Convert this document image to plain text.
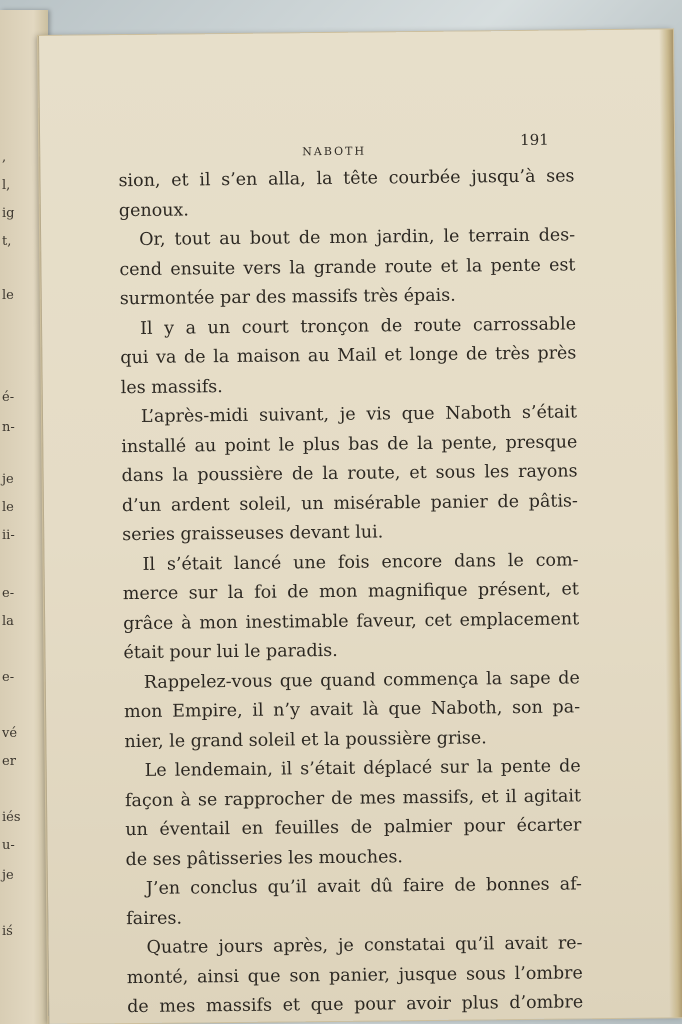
,
l,
ig
t,
le
é-
n-
je
le
ii-
e-
la
e-
vé
er
iés
u-
je
iś
NABOTH
191
sion, et il s’en alla, la tête courbée jusqu’à ses
genoux.
Or, tout au bout de mon jardin, le terrain des-
cend ensuite vers la grande route et la pente est
surmontée par des massifs très épais.
Il y a un court tronçon de route carrossable
qui va de la maison au Mail et longe de très près
les massifs.
L’après-midi suivant, je vis que Naboth s’était
installé au point le plus bas de la pente, presque
dans la poussière de la route, et sous les rayons
d’un ardent soleil, un misérable panier de pâtis-
series graisseuses devant lui.
Il s’était lancé une fois encore dans le com-
merce sur la foi de mon magnifique présent, et
grâce à mon inestimable faveur, cet emplacement
était pour lui le paradis.
Rappelez-vous que quand commença la sape de
mon Empire, il n’y avait là que Naboth, son pa-
nier, le grand soleil et la poussière grise.
Le lendemain, il s’était déplacé sur la pente de
façon à se rapprocher de mes massifs, et il agitait
un éventail en feuilles de palmier pour écarter
de ses pâtisseries les mouches.
J’en conclus qu’il avait dû faire de bonnes af-
faires.
Quatre jours après, je constatai qu’il avait re-
monté, ainsi que son panier, jusque sous l’ombre
de mes massifs et que pour avoir plus d’ombre
